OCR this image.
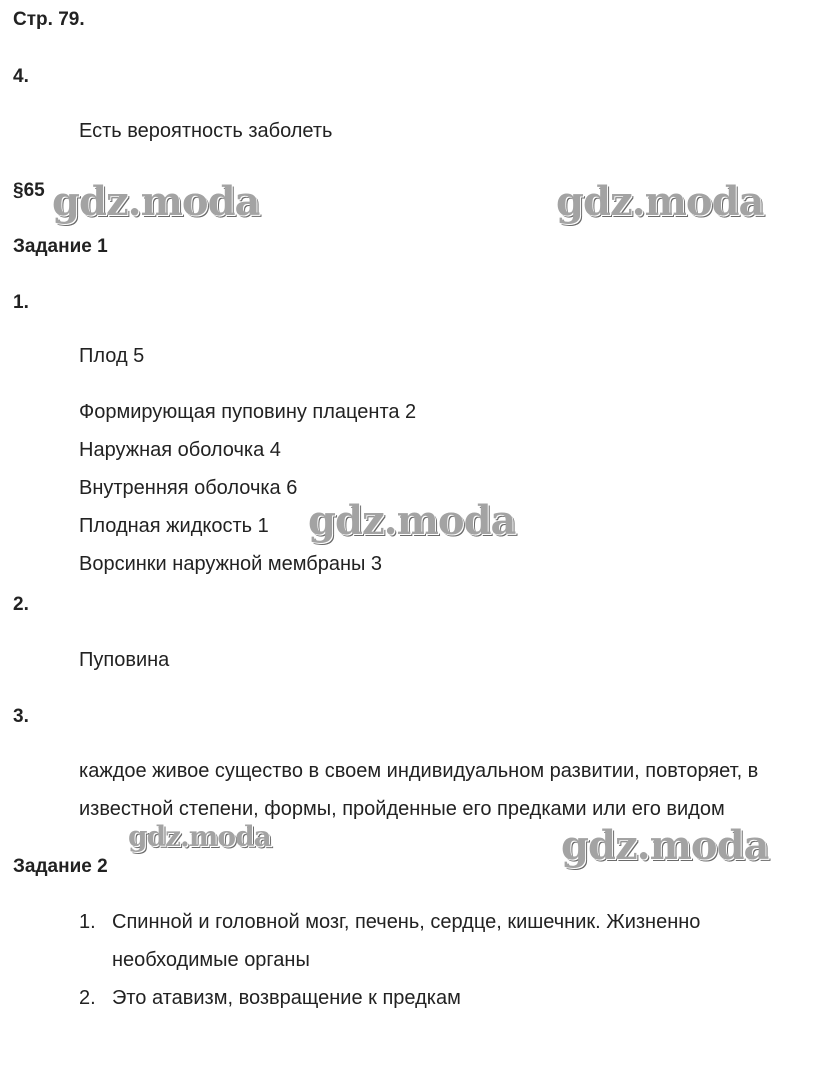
Стр. 79.
4.
Есть вероятность заболеть
§65
Задание 1
1.
Плод 5
Формирующая пуповину плацента 2
Наружная оболочка 4
Внутренняя оболочка 6
Плодная жидкость 1
Ворсинки наружной мембраны 3
2.
Пуповина
3.
каждое живое существо в своем индивидуальном развитии, повторяет, в
известной степени, формы, пройденные его предками или его видом
Задание 2
1. Спинной и головной мозг, печень, сердце, кишечник. Жизненно
необходимые органы
2. Это атавизм, возвращение к предкам
gdz.moda	gdz.moda
gdz.moda
gdz.moda	gdz.moda
